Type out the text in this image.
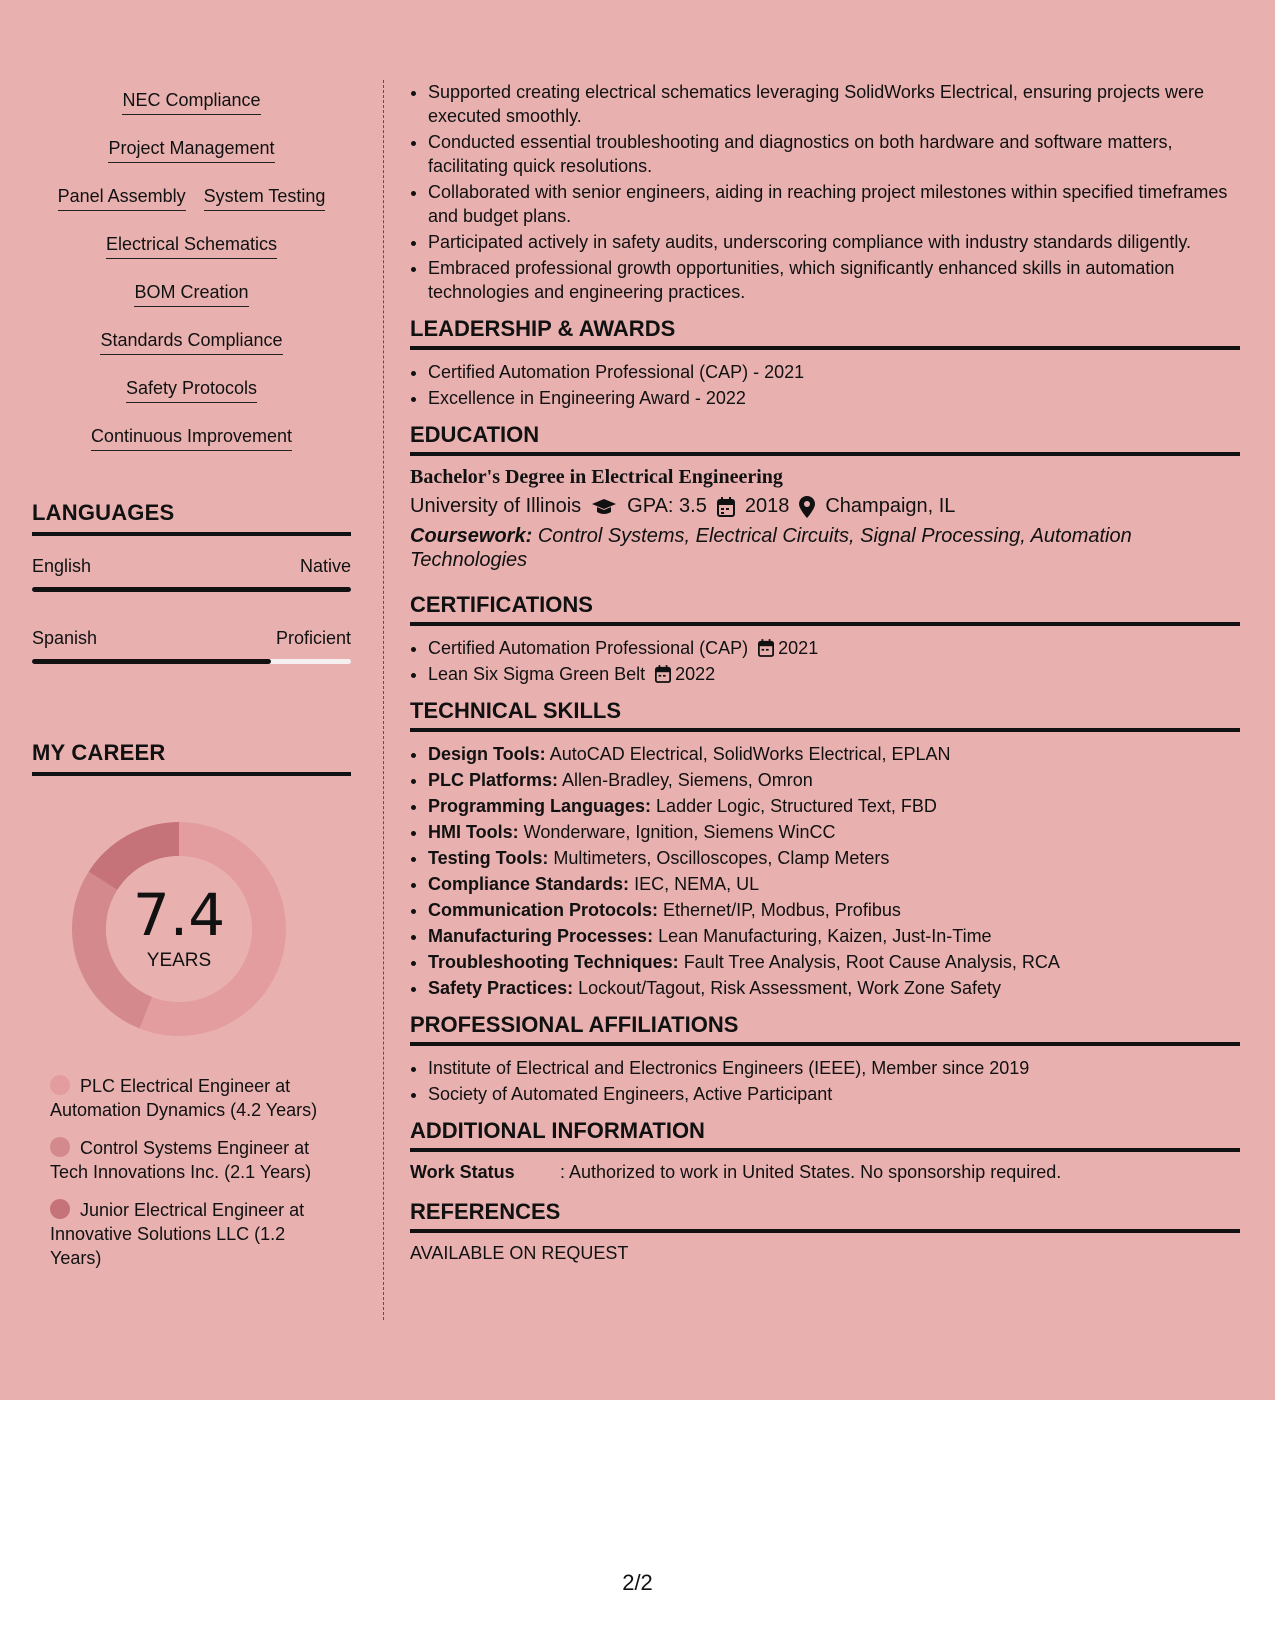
NEC Compliance
Project Management
Panel Assembly System Testing
Electrical Schematics
BOM Creation
Standards Compliance
Safety Protocols
Continuous Improvement
LANGUAGES
English	Native
Spanish	Proficient
MY CAREER
7.4
YEARS
PLC Electrical Engineer at Automation Dynamics (4.2 Years)
Control Systems Engineer at Tech Innovations Inc. (2.1 Years)
Junior Electrical Engineer at Innovative Solutions LLC (1.2 Years)
• Supported creating electrical schematics leveraging SolidWorks Electrical, ensuring projects were executed smoothly.
• Conducted essential troubleshooting and diagnostics on both hardware and software matters, facilitating quick resolutions.
• Collaborated with senior engineers, aiding in reaching project milestones within specified timeframes and budget plans.
• Participated actively in safety audits, underscoring compliance with industry standards diligently.
• Embraced professional growth opportunities, which significantly enhanced skills in automation technologies and engineering practices.
LEADERSHIP & AWARDS
• Certified Automation Professional (CAP) - 2021
• Excellence in Engineering Award - 2022
EDUCATION
Bachelor's Degree in Electrical Engineering
University of Illinois GPA: 3.5 2018 Champaign, IL
Coursework: Control Systems, Electrical Circuits, Signal Processing, Automation Technologies
CERTIFICATIONS
• Certified Automation Professional (CAP) 2021
• Lean Six Sigma Green Belt 2022
TECHNICAL SKILLS
• Design Tools: AutoCAD Electrical, SolidWorks Electrical, EPLAN
• PLC Platforms: Allen-Bradley, Siemens, Omron
• Programming Languages: Ladder Logic, Structured Text, FBD
• HMI Tools: Wonderware, Ignition, Siemens WinCC
• Testing Tools: Multimeters, Oscilloscopes, Clamp Meters
• Compliance Standards: IEC, NEMA, UL
• Communication Protocols: Ethernet/IP, Modbus, Profibus
• Manufacturing Processes: Lean Manufacturing, Kaizen, Just-In-Time
• Troubleshooting Techniques: Fault Tree Analysis, Root Cause Analysis, RCA
• Safety Practices: Lockout/Tagout, Risk Assessment, Work Zone Safety
PROFESSIONAL AFFILIATIONS
• Institute of Electrical and Electronics Engineers (IEEE), Member since 2019
• Society of Automated Engineers, Active Participant
ADDITIONAL INFORMATION
Work Status	: Authorized to work in United States. No sponsorship required.
REFERENCES
AVAILABLE ON REQUEST
2/2
